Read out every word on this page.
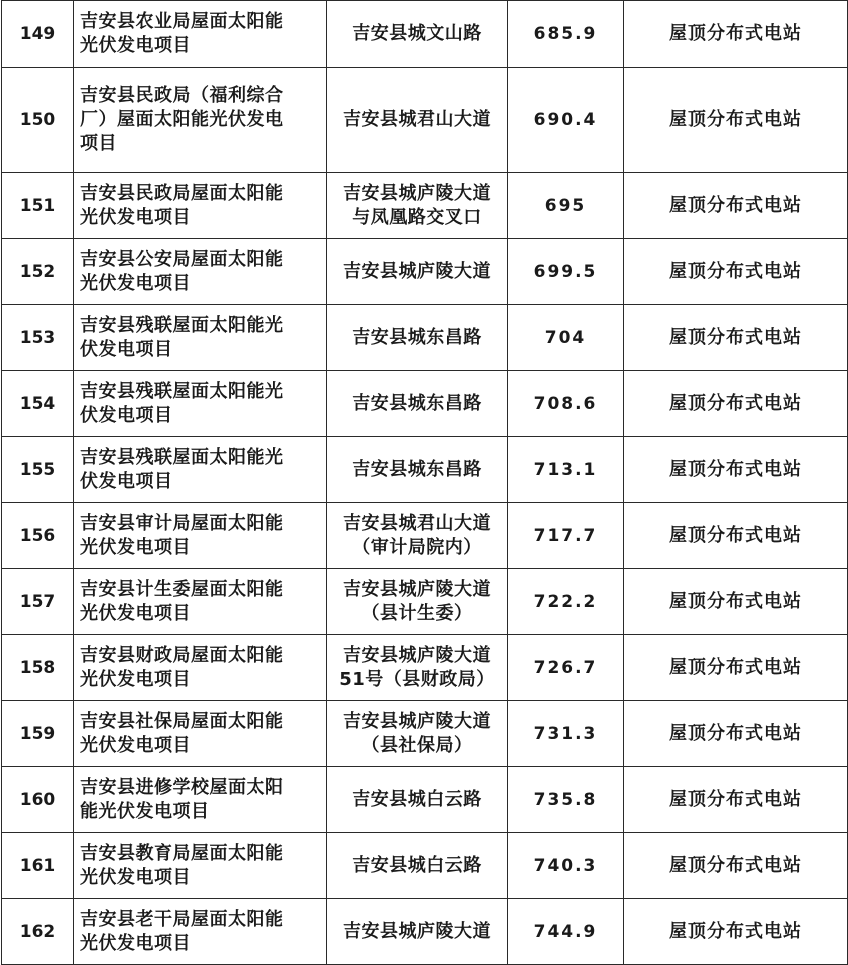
149	吉安县农业局屋面太阳能
光伏发电项目	吉安县城文山路	685.9	屋顶分布式电站
150	吉安县民政局（福利综合
厂）屋面太阳能光伏发电
项目	吉安县城君山大道	690.4	屋顶分布式电站
151	吉安县民政局屋面太阳能
光伏发电项目	吉安县城庐陵大道
与凤凰路交叉口	695	屋顶分布式电站
152	吉安县公安局屋面太阳能
光伏发电项目	吉安县城庐陵大道	699.5	屋顶分布式电站
153	吉安县残联屋面太阳能光
伏发电项目	吉安县城东昌路	704	屋顶分布式电站
154	吉安县残联屋面太阳能光
伏发电项目	吉安县城东昌路	708.6	屋顶分布式电站
155	吉安县残联屋面太阳能光
伏发电项目	吉安县城东昌路	713.1	屋顶分布式电站
156	吉安县审计局屋面太阳能
光伏发电项目	吉安县城君山大道
（审计局院内）	717.7	屋顶分布式电站
157	吉安县计生委屋面太阳能
光伏发电项目	吉安县城庐陵大道
（县计生委）	722.2	屋顶分布式电站
158	吉安县财政局屋面太阳能
光伏发电项目	吉安县城庐陵大道
51号（县财政局）	726.7	屋顶分布式电站
159	吉安县社保局屋面太阳能
光伏发电项目	吉安县城庐陵大道
（县社保局）	731.3	屋顶分布式电站
160	吉安县进修学校屋面太阳
能光伏发电项目	吉安县城白云路	735.8	屋顶分布式电站
161	吉安县教育局屋面太阳能
光伏发电项目	吉安县城白云路	740.3	屋顶分布式电站
162	吉安县老干局屋面太阳能
光伏发电项目	吉安县城庐陵大道	744.9	屋顶分布式电站
